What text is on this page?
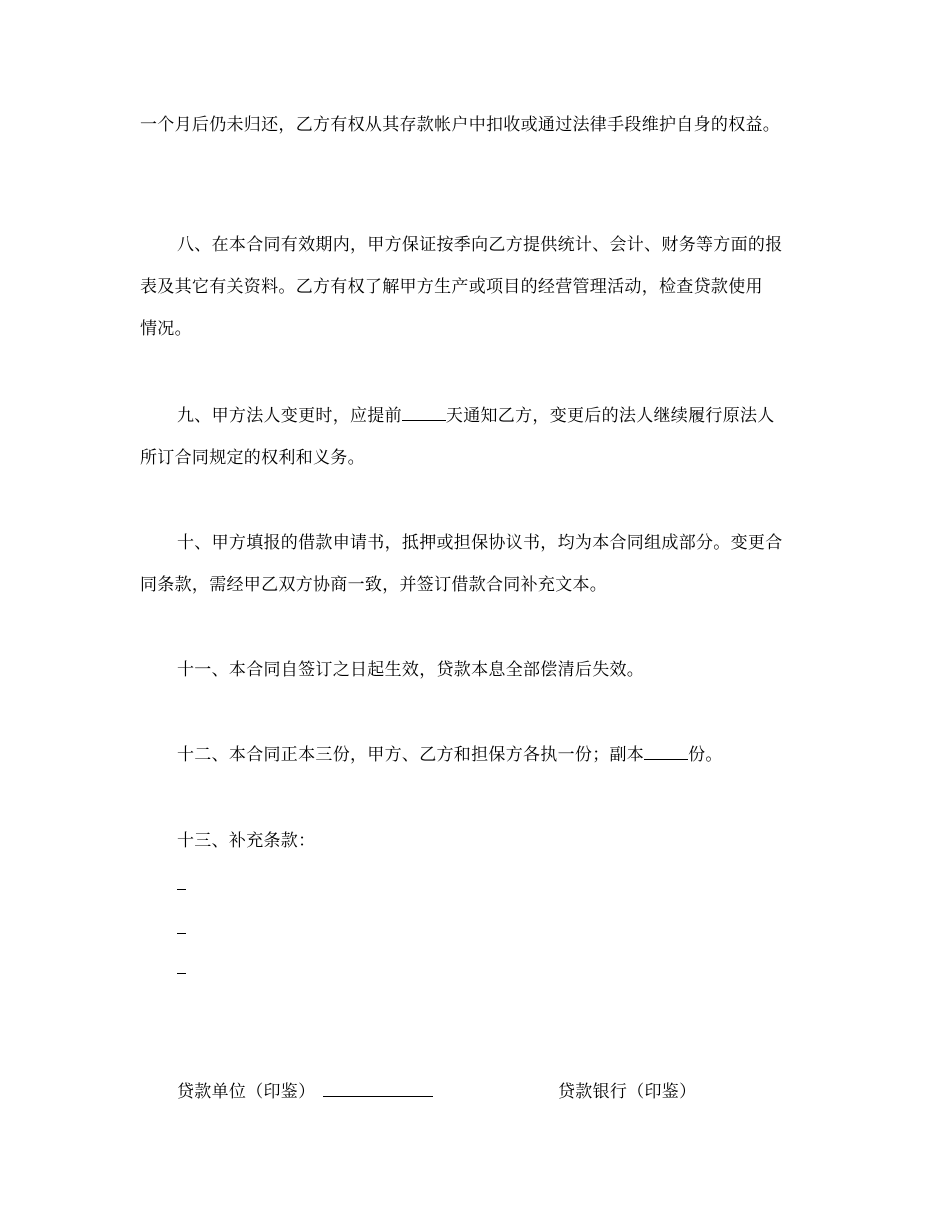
一个月后仍未归还，乙方有权从其存款帐户中扣收或通过法律手段维护自身的权益。
八、在本合同有效期内，甲方保证按季向乙方提供统计、会计、财务等方面的报
表及其它有关资料。乙方有权了解甲方生产或项目的经营管理活动，检查贷款使用
情况。
九、甲方法人变更时，应提前	天通知乙方，变更后的法人继续履行原法人
所订合同规定的权利和义务。
十、甲方填报的借款申请书，抵押或担保协议书，均为本合同组成部分。变更合
同条款，需经甲乙双方协商一致，并签订借款合同补充文本。
十一、本合同自签订之日起生效，贷款本息全部偿清后失效。
十二、本合同正本三份，甲方、乙方和担保方各执一份；副本	份。
十三、补充条款：
贷款单位（印鉴）	贷款银行（印鉴）
